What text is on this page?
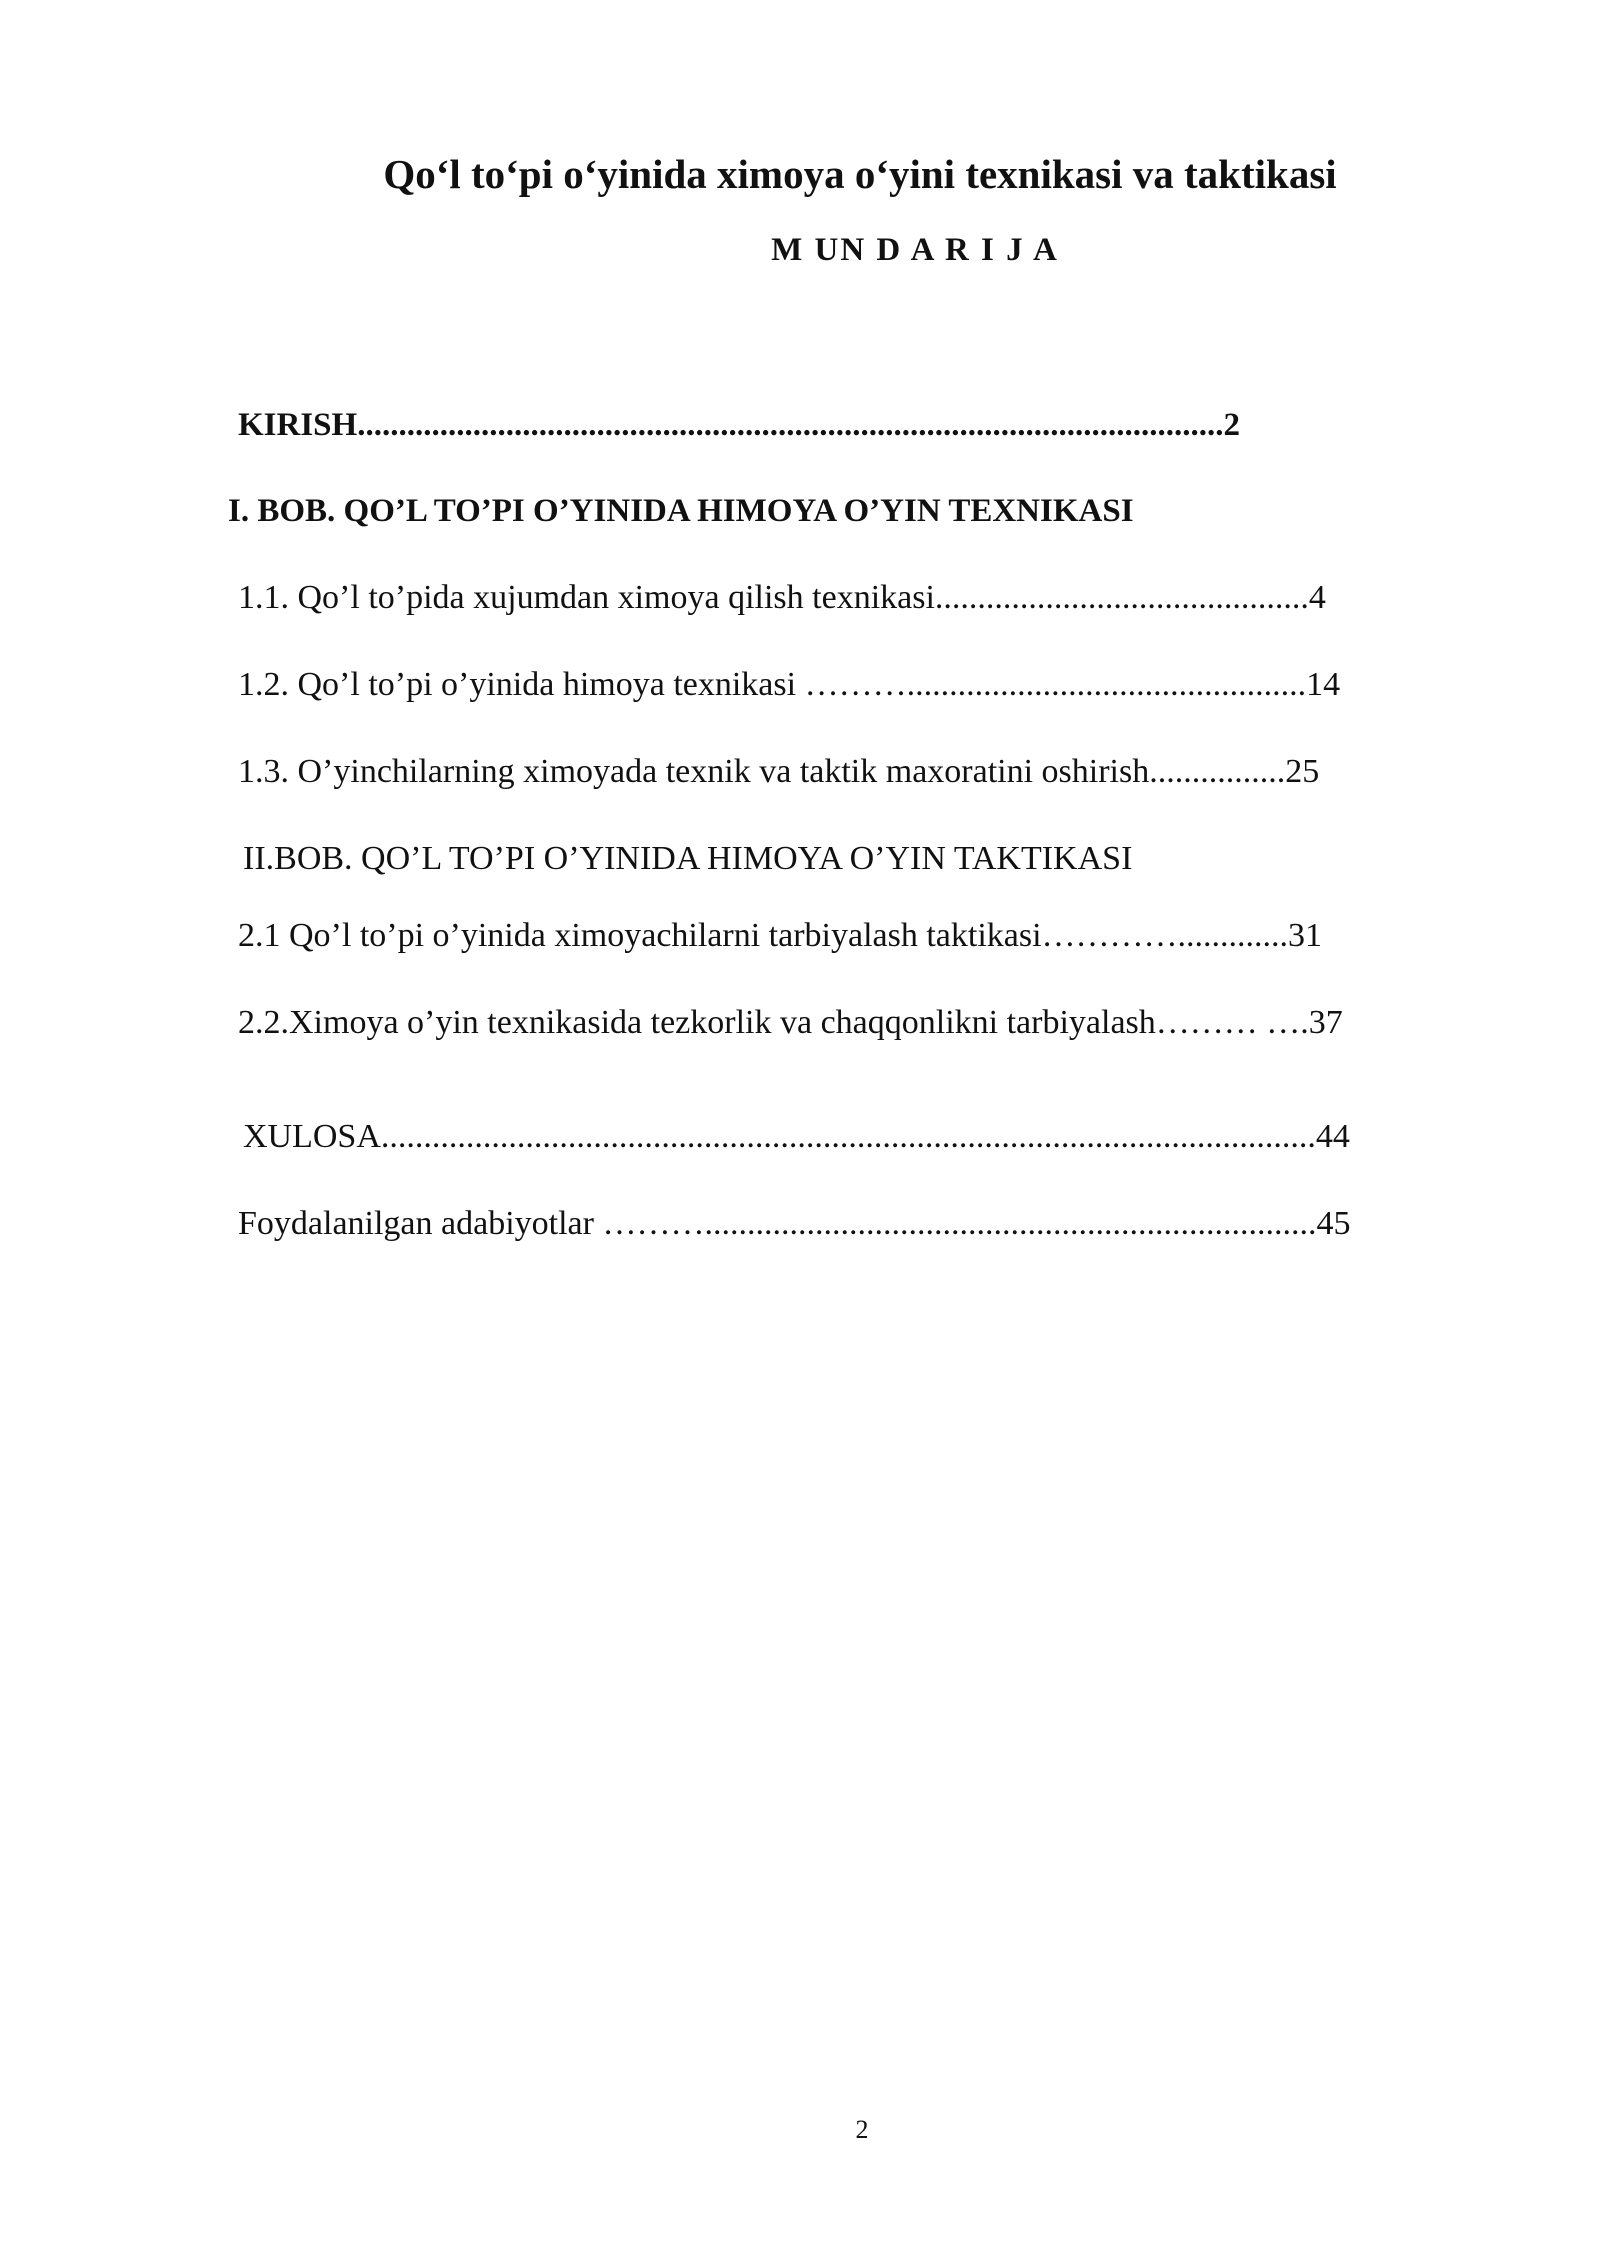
Qo‘l to‘pi o‘yinida ximoya o‘yini texnikasi va taktikasi
M UN D A R I J A
KIRISH.........................................................................................................2
I. BOB. QO’L TO’PI O’YINIDA HIMOYA O’YIN TEXNIKASI
1.1. Qo’l to’pida xujumdan ximoya qilish texnikasi............................................4
1.2. Qo’l to’pi o’yinida himoya texnikasi ………...............................................14
1.3. O’yinchilarning ximoyada texnik va taktik maxoratini oshirish................25
II.BOB. QO’L TO’PI O’YINIDA HIMOYA O’YIN TAKTIKASI
2.1 Qo’l to’pi o’yinida ximoyachilarni tarbiyalash taktikasi………….............31
2.2.Ximoya o’yin texnikasida tezkorlik va chaqqonlikni tarbiyalash……… ….37
XULOSA..............................................................................................................44
Foydalanilgan adabiyotlar ………........................................................................45
2
